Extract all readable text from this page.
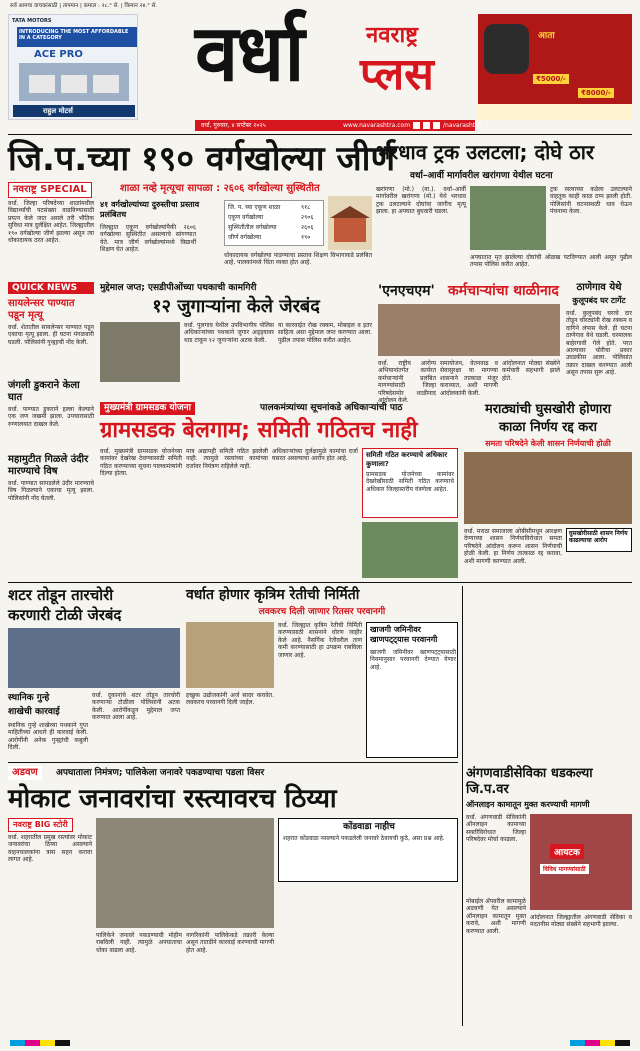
सर्व आमचा वाचकांसाठी | तापमान | कमाल : २८.° से. | किमान २४.° से.
TATA MOTORS
INTRODUCING THE MOST AFFORDABLE IN A CATEGORY
ACE PRO
राहुल मोटर्स
वर्धा	नवराष्ट्र
प्लस
वर्धा, गुरुवार, ४ सप्टेंबर २०२५	www.navarashtra.com	/navarashtra
आता
₹5000/-
₹8000/-
जि.प.च्या १९० वर्गखोल्या जीर्ण
नवराष्ट्र SPECIAL	शाळा नव्हे मृत्यूचा सापळा : २६०६ वर्गखोल्या सुस्थितीत
वर्धा. जिल्हा परिषदेच्या शाळांमधील विद्यार्थ्यांची पटसंख्या वाढविण्यासाठी प्रयत्न केले जात असले तरी भौतिक सुविधा मात्र दुर्लक्षित आहेत. जिल्ह्यातील १९० वर्गखोल्या जीर्ण झाल्या असून त्या धोकादायक ठरत आहेत.
४१ वर्गखोल्यांच्या दुरुस्तीचा प्रस्ताव प्रलंबितच
जिल्ह्यात एकूण वर्गखोल्यांपैकी २६०६ वर्गखोल्या सुस्थितीत असल्याचे सांगण्यात येते. मात्र जीर्ण वर्गखोल्यांमध्ये विद्यार्थी शिक्षण घेत आहेत.
जि. प. च्या एकूण शाळा	९१८
एकूण वर्गखोल्या	२९०६
सुस्थितीतील वर्गखोल्या	२६०६
जीर्ण वर्गखोल्या	१९०
धोकादायक वर्गखोल्या पाडण्याचा प्रस्ताव शिक्षण विभागाकडे प्रलंबित आहे. पालकांमध्ये चिंता व्यक्त होत आहे.
भरधाव ट्रक उलटला; दोघे ठार
वर्धा–आर्वी मार्गावरील खरांगणा येथील घटना
खरांगणा (मो.) (वा.). वर्धा–आर्वी मार्गावरील खरांगणा (मो.) येथे भरधाव ट्रक उलटल्याने दोघांचा जागीच मृत्यू झाला. हा अपघात बुधवारी घडला.
ट्रक रस्त्याच्या कडेला उलटल्याने वाहतूक काही काळ ठप्प झाली होती. पोलिसांनी घटनास्थळी धाव घेऊन पंचनामा केला.
अपघातात मृत झालेल्या दोघांची ओळख पटविण्यात आली असून पुढील तपास पोलिस करीत आहेत.
QUICK NEWS
सायलेन्सर पाण्यात पडून मृत्यू
वर्धा. शेतातील सायलेन्सर पाण्यात पडून एकाचा मृत्यू झाला. ही घटना मंगळवारी घडली. पोलिसांनी गुन्ह्याची नोंद केली.
जंगली डुकराने केला घात
वर्धा. पाण्यात डुकराने हल्ला केल्याने एक जण जखमी झाला. उपचारासाठी रुग्णालयात दाखल केले.
महामुटीत गिळले उंदीर मारण्याचे विष
वर्धा. पाण्यात सापडलेले उंदीर मारण्याचे विष गिळल्याने एकाचा मृत्यू झाला. पोलिसांनी नोंद घेतली.
मुद्देमाल जप्त; एसडीपीओंच्या पथकाची कामगिरी
१२ जुगाऱ्यांना केले जेरबंद
वर्धा. पुलगाव येथील उपविभागीय पोलिस अधिकाऱ्यांच्या पथकाने जुगार अड्ड्यावर धाड टाकून १२ जुगाऱ्यांना अटक केली.
या कारवाईत रोख रक्कम, मोबाइल व इतर साहित्य असा मुद्देमाल जप्त करण्यात आला. पुढील तपास पोलिस करीत आहेत.
'एनएचएम' कर्मचाऱ्यांचा थाळीनाद
वर्धा. राष्ट्रीय आरोग्य अभियानांतर्गत कार्यरत कर्मचाऱ्यांनी प्रलंबित मागण्यांसाठी जिल्हा परिषदेसमोर थाळीनाद आंदोलन केले.
समायोजन, वेतनवाढ व सेवासुरक्षा या मागण्या शासनाने तात्काळ मंजूर कराव्यात, अशी मागणी आंदोलकांनी केली.
आंदोलनात मोठ्या संख्येने कर्मचारी सहभागी झाले होते.
ठाणेगाव येथे
कुलूपबंद घर टार्गेट
वर्धा. कुलूपबंद घराचे दार तोडून चोरट्यांनी रोख रक्कम व दागिने लंपास केले. ही घटना ठाणेगाव येथे घडली. घरमालक बाहेरगावी गेले होते. परत आल्यावर चोरीचा प्रकार उघडकीस आला. पोलिसांत तक्रार दाखल करण्यात आली असून तपास सुरू आहे.
मुख्यमंत्री ग्रामसडक योजना	पालकमंत्र्यांच्या सूचनांकडे अधिकाऱ्यांची पाठ
ग्रामसडक बेलगाम; समिती गठितच नाही
वर्धा. मुख्यमंत्री ग्रामसडक योजनेच्या कामांवर देखरेख ठेवण्यासाठी समिती गठित करण्याच्या सूचना पालकमंत्र्यांनी दिल्या होत्या.
मात्र अद्यापही समिती गठित झालेली नाही. त्यामुळे रस्त्यांच्या कामांच्या दर्जावर नियंत्रण राहिलेले नाही.
अधिकाऱ्यांच्या दुर्लक्षामुळे कामांचा दर्जा घसरत असल्याचा आरोप होत आहे.	समिती गठित करण्याचे अधिकार कुणाला?
ग्रामसडक योजनेच्या कामांवर देखरेखीसाठी समिती गठित करण्याचे अधिकार जिल्हास्तरीय यंत्रणेला आहेत.
मराठ्यांची घुसखोरी होणारा
काळा निर्णय रद्द करा
समता परिषदेने केली शासन निर्णयाची होळी
घुसखोरीसाठी शासन निर्णय काढल्याचा आरोप
वर्धा. मराठा समाजाला ओबीसीमधून आरक्षण देण्याच्या शासन निर्णयाविरोधात समता परिषदेने आंदोलन करून शासन निर्णयाची होळी केली. हा निर्णय तात्काळ रद्द करावा, अशी मागणी करण्यात आली.
शटर तोडून तारचोरी
करणारी टोळी जेरबंद
स्थानिक गुन्हे
शाखेची कारवाई
स्थानिक गुन्हे शाखेच्या पथकाने गुप्त माहितीच्या आधारे ही कारवाई केली. आरोपींनी अनेक गुन्ह्यांची कबुली दिली.
वर्धा. दुकानांचे शटर तोडून तारचोरी करणाऱ्या टोळीला पोलिसांनी अटक केली. आरोपींकडून मुद्देमाल जप्त करण्यात आला आहे.
वर्धात होणार कृत्रिम रेतीची निर्मिती
लवकरच दिली जाणार रितसर परवानगी
वर्धा. जिल्ह्यात कृत्रिम रेतीची निर्मिती करण्यासाठी शासनाने धोरण जाहीर केले आहे. नैसर्गिक रेतीवरील ताण कमी करण्यासाठी हा उपक्रम राबविला जाणार आहे.
इच्छुक उद्योजकांनी अर्ज सादर करावेत. लवकरच परवानगी दिली जाईल.
खाजगी जमिनीवर खाणपट्ट्यास परवानगी
खाजगी जमिनीवर खाणपट्ट्यासाठी नियमानुसार परवानगी देण्यात येणार आहे.
अडवण	अपघाताला निमंत्रण; पालिकेला जनावरे पकडण्याचा पडला विसर
मोकाट जनावरांचा रस्त्यावरच ठिय्या
नवराष्ट्र BIG स्टोरी
वर्धा. शहरातील प्रमुख रस्त्यांवर मोकाट जनावरांचा ठिय्या असल्याने वाहनचालकांना त्रास सहन करावा लागत आहे.
पालिकेने जनावरे पकडण्याची मोहीम राबविली नाही. त्यामुळे अपघाताचा धोका वाढला आहे.
नागरिकांनी पालिकेकडे तक्रारी केल्या असून तातडीने कारवाई करण्याची मागणी होत आहे.
कोंडवाडा नाहीच
शहरात कोंडवाडा नसल्याने पकडलेली जनावरे ठेवायची कुठे, असा प्रश्न आहे.
अंगणवाडीसेविका धडकल्या जि.प.वर
ऑनलाइन कामातून मुक्त करण्याची मागणी
वर्धा. अंगणवाडी सेविकांनी ऑनलाइन कामाच्या सक्तीविरोधात जिल्हा परिषदेवर मोर्चा काढला.
आयटक
विविध मागण्यांसाठी
मोबाईल ॲपवरील कामामुळे अडचणी येत असल्याने ऑनलाइन कामातून मुक्त करावे, अशी मागणी करण्यात आली.
आंदोलनात जिल्ह्यातील अंगणवाडी सेविका व मदतनीस मोठ्या संख्येने सहभागी झाल्या.
